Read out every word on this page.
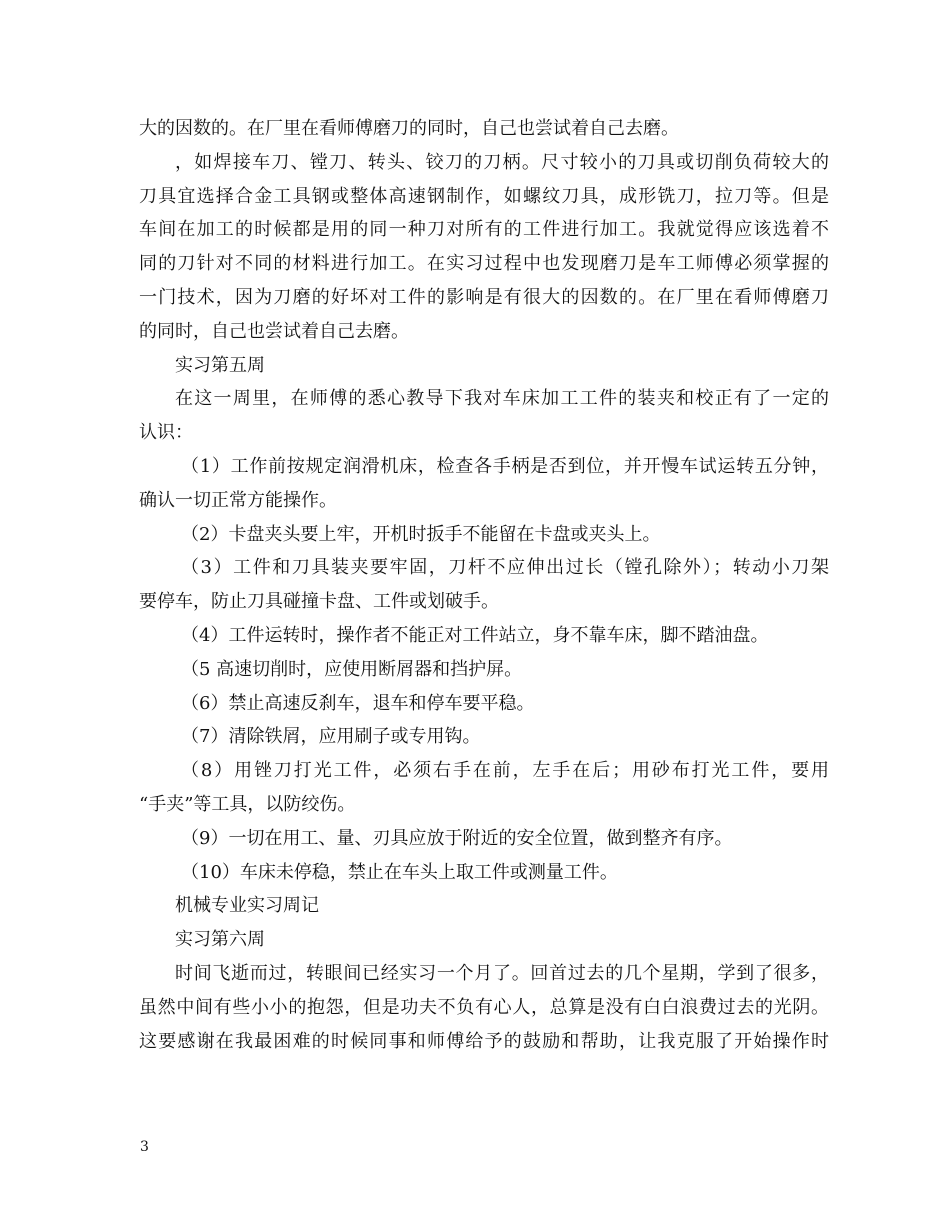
大的因数的。在厂里在看师傅磨刀的同时，自己也尝试着自己去磨。
，如焊接车刀、镗刀、转头、铰刀的刀柄。尺寸较小的刀具或切削负荷较大的
刀具宜选择合金工具钢或整体高速钢制作，如螺纹刀具，成形铣刀，拉刀等。但是
车间在加工的时候都是用的同一种刀对所有的工件进行加工。我就觉得应该选着不
同的刀针对不同的材料进行加工。在实习过程中也发现磨刀是车工师傅必须掌握的
一门技术，因为刀磨的好坏对工件的影响是有很大的因数的。在厂里在看师傅磨刀
的同时，自己也尝试着自己去磨。
实习第五周
在这一周里，在师傅的悉心教导下我对车床加工工件的装夹和校正有了一定的
认识：
（1）工作前按规定润滑机床，检查各手柄是否到位，并开慢车试运转五分钟，
确认一切正常方能操作。
（2）卡盘夹头要上牢，开机时扳手不能留在卡盘或夹头上。
（3）工件和刀具装夹要牢固，刀杆不应伸出过长（镗孔除外）；转动小刀架
要停车，防止刀具碰撞卡盘、工件或划破手。
（4）工件运转时，操作者不能正对工件站立，身不靠车床，脚不踏油盘。
（5 高速切削时，应使用断屑器和挡护屏。
（6）禁止高速反刹车，退车和停车要平稳。
（7）清除铁屑，应用刷子或专用钩。
（8）用锉刀打光工件，必须右手在前，左手在后；用砂布打光工件，要用
“手夹”等工具，以防绞伤。
（9）一切在用工、量、刃具应放于附近的安全位置，做到整齐有序。
（10）车床未停稳，禁止在车头上取工件或测量工件。
机械专业实习周记
实习第六周
时间飞逝而过，转眼间已经实习一个月了。回首过去的几个星期，学到了很多，
虽然中间有些小小的抱怨，但是功夫不负有心人，总算是没有白白浪费过去的光阴。
这要感谢在我最困难的时候同事和师傅给予的鼓励和帮助，让我克服了开始操作时
3
